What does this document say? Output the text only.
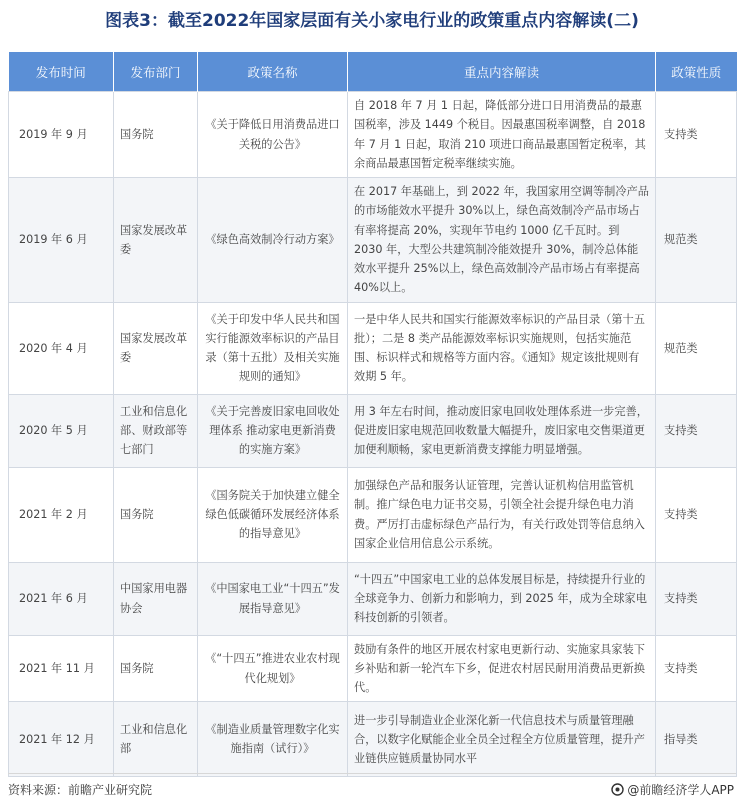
图表3：截至2022年国家层面有关小家电行业的政策重点内容解读(二)
发布时间	发布部门	政策名称	重点内容解读	政策性质
2019 年 9 月	国务院	《关于降低日用消费品进口关税的公告》	自 2018 年 7 月 1 日起，降低部分进口日用消费品的最惠国税率，涉及 1449 个税目。因最惠国税率调整，自 2018 年 7 月 1 日起，取消 210 项进口商品最惠国暂定税率，其余商品最惠国暂定税率继续实施。	支持类
2019 年 6 月	国家发展改革委	《绿色高效制冷行动方案》	在 2017 年基础上，到 2022 年，我国家用空调等制冷产品的市场能效水平提升 30%以上，绿色高效制冷产品市场占有率将提高 20%，实现年节电约 1000 亿千瓦时。到 2030 年，大型公共建筑制冷能效提升 30%，制冷总体能效水平提升 25%以上，绿色高效制冷产品市场占有率提高 40%以上。	规范类
2020 年 4 月	国家发展改革委	《关于印发中华人民共和国实行能源效率标识的产品目录（第十五批）及相关实施规则的通知》	一是中华人民共和国实行能源效率标识的产品目录（第十五批）；二是 8 类产品能源效率标识实施规则，包括实施范围、标识样式和规格等方面内容。《通知》规定该批规则有效期 5 年。	规范类
2020 年 5 月	工业和信息化部、财政部等七部门	《关于完善废旧家电回收处理体系 推动家电更新消费的实施方案》	用 3 年左右时间，推动废旧家电回收处理体系进一步完善，促进废旧家电规范回收数量大幅提升，废旧家电交售渠道更加便利顺畅，家电更新消费支撑能力明显增强。	支持类
2021 年 2 月	国务院	《国务院关于加快建立健全绿色低碳循环发展经济体系的指导意见》	加强绿色产品和服务认证管理，完善认证机构信用监管机制。推广绿色电力证书交易，引领全社会提升绿色电力消费。严厉打击虚标绿色产品行为，有关行政处罚等信息纳入国家企业信用信息公示系统。	支持类
2021 年 6 月	中国家用电器协会	《中国家电工业“十四五”发展指导意见》	“十四五”中国家电工业的总体发展目标是，持续提升行业的全球竞争力、创新力和影响力，到 2025 年，成为全球家电科技创新的引领者。	支持类
2021 年 11 月	国务院	《“十四五”推进农业农村现代化规划》	鼓励有条件的地区开展农村家电更新行动、实施家具家装下乡补贴和新一轮汽车下乡，促进农村居民耐用消费品更新换代。	支持类
2021 年 12 月	工业和信息化部	《制造业质量管理数字化实施指南（试行）》	进一步引导制造业企业深化新一代信息技术与质量管理融合，以数字化赋能企业全员全过程全方位质量管理，提升产业链供应链质量协同水平	指导类
资料来源：前瞻产业研究院	@前瞻经济学人APP
